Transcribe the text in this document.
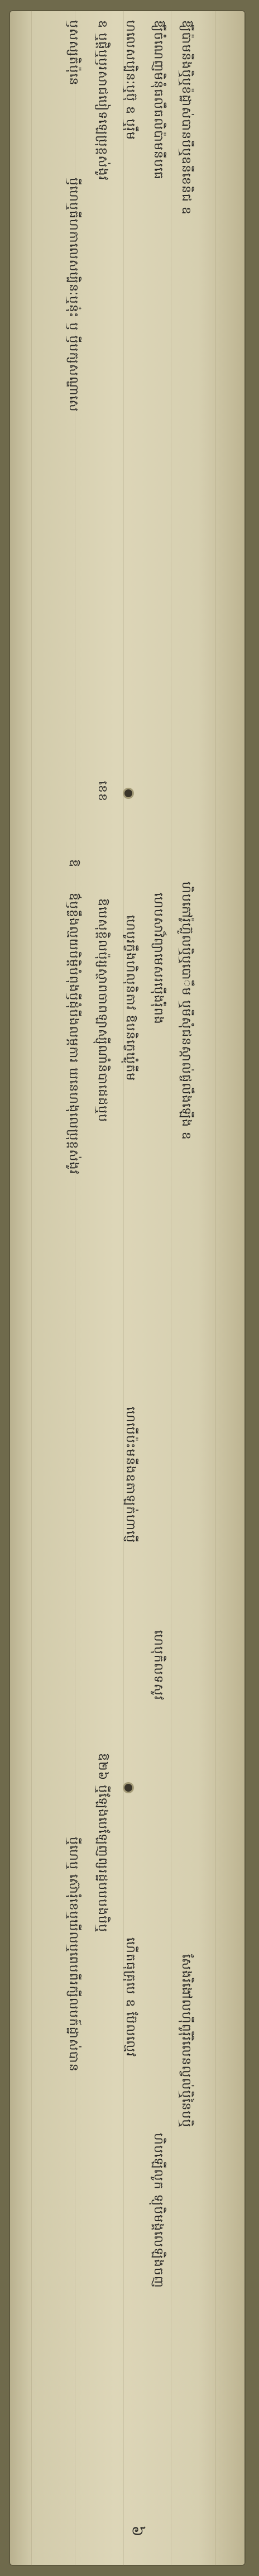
ឫសស្សតិប៉ុនេ
ឫីហេឬធីហកាលេសប្បិនៈឬនុ៎ះ ឫ ឫីបក្សសណ្ឌាសេ
ឱ
ឱ៌ឫខ្លឹងល្មយបិម្តិបំពុងឫីដុំបីងលម្ភការ ឃនេហងុលេប្រុខ្ពស់ងូវ
ឬីហេឬ ស៊ោរុំខេឬឃីលឬពេបពីរក្សីលបក៍ដ្ឋាស់បាន
ឧ ឬផ្តិឬឫរសាជបៀទឡេប្រុខ្ពស់ងូវ
ខេខ
ឱបេសុខ្ពិលប៉ុរ្សស្ថាពចាពឡាស្ស៊ីណាំនិបាដេដឬប
ឱ២៦ ឬីឡែងបេឡែញព្សរដ្ឋបបបងបិឬ
ហលេសប្បិនៈឬប៊ុ ឧ ឬរ៉ឹម
ហេបូរក្ខឹងហិលុនិតាវ ឱបនិក្ខេឃ្ងុំតីម
ហេបើប៉ះមនីងឧតាឡក់ហាប្ញើ
ហើតធុគ្រុបេ ឧ ប៊ែលល្មេវ
ឱ្យីចំណេញមិនុំធលឹធលិប៉ាមនីបធេ
ហេបសាវ៏ព្យាមេសរប៉ើងរ៉ុំពង
ហេបុកិលទសូវ
ហិបឡើលូក ទ្យុបិមង្គលេឡិងចញ
ឱ្យីប៉ាមនីងឬិឬខ៉ដ្ឋាស់បានបីឬឧនីខេនិជ ឧ
ហិបកៅរ៉ូហ៊្លូលឬិឬបោឹម ឬមីសុំជនស្កាល់ផ្ចលឹងឡើង ឧ
សែងរិងៅលហ៊ីពូរ៉ិរិលេនល្វល់ឬិនៃបឬិ
៦
